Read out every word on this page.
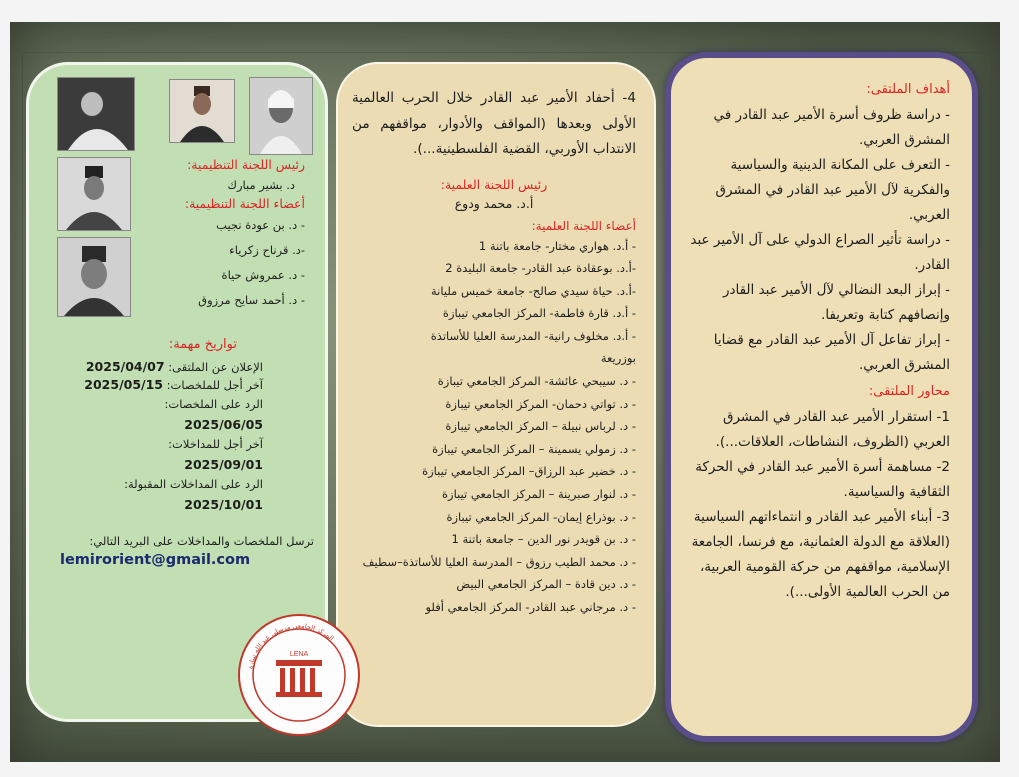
أهداف الملتقى:

- دراسة ظروف أسرة الأمير عبد القادر في المشرق العربي.

- التعرف على المكانة الدينية والسياسية والفكرية لآل الأمير عبد القادر في المشرق العربي.

- دراسة تأثير الصراع الدولي على آل الأمير عبد القادر.

- إبراز البعد النضالي لآل الأمير عبد القادر وإنصافهم كتابة وتعريفا.

- إبراز تفاعل آل الأمير عبد القادر مع قضايا المشرق العربي.

محاور الملتقى:

1- استقرار الأمير عبد القادر في المشرق العربي (الظروف، النشاطات، العلاقات...).

2- مساهمة أسرة الأمير عبد القادر في الحركة الثقافية والسياسية.

3- أبناء الأمير عبد القادر و انتماءاتهم السياسية (العلاقة مع الدولة العثمانية، مع فرنسا، الجامعة الإسلامية، مواقفهم من حركة القومية العربية، من الحرب العالمية الأولى...).

4- أحفاد الأمير عبد القادر خلال الحرب العالمية الأولى وبعدها (المواقف والأدوار، مواقفهم من الانتداب الأوربي، القضية الفلسطينية...).

رئيس اللجنة العلمية:
أ.د. محمد ودوع
أعضاء اللجنة العلمية:

- أ.د. هواري مختار- جامعة باتنة 1

-أ.د. بوعقادة عبد القادر- جامعة البليدة 2

-أ.د. حياة سيدي صالح- جامعة خميس مليانة

- أ.د. قارة فاطمة- المركز الجامعي تيبازة

- أ.د. مخلوف رانية- المدرسة العليا للأساتذة

بوزريعة

- د. سيبحي عائشة- المركز الجامعي تيبازة

- د. تواتي دحمان- المركز الجامعي تيبازة

- د. لرباس نبيلة – المركز الجامعي تيبازة

- د. زمولي يسمينة – المركز الجامعي تيبازة

- د. خضير عبد الرزاق– المركز الجامعي تيبازة

- د. لنوار صبرينة – المركز الجامعي تيبازة

- د. بوذراع إيمان- المركز الجامعي تيبازة

- د. بن قويدر نور الدين – جامعة باتنة 1

- د. محمد الطيب رزوق – المدرسة العليا للأساتذة–سطيف

- د. دين قادة – المركز الجامعي البيض

- د. مرجاني عبد القادر- المركز الجامعي أفلو

رئيس اللجنة التنظيمية:
د. بشير مبارك
أعضاء اللجنة التنظيمية:
- د. بن عودة نجيب
-د. قرناح زكرياء
- د. عمروش حياة
- د. أحمد سايح مرزوق
تواريخ مهمة:
الإعلان عن الملتقى: 2025/04/07
آخر أجل للملخصات: 2025/05/15
الرد على الملخصات:
2025/06/05
آخر أجل للمداخلات:
2025/09/01
الرد على المداخلات المقبولة:
2025/10/01
ترسل الملخصات والمداخلات على البريد التالي:
lemirorient@gmail.com
LENA
المركز الجامعي مرسلي عبد الله تيبازة
